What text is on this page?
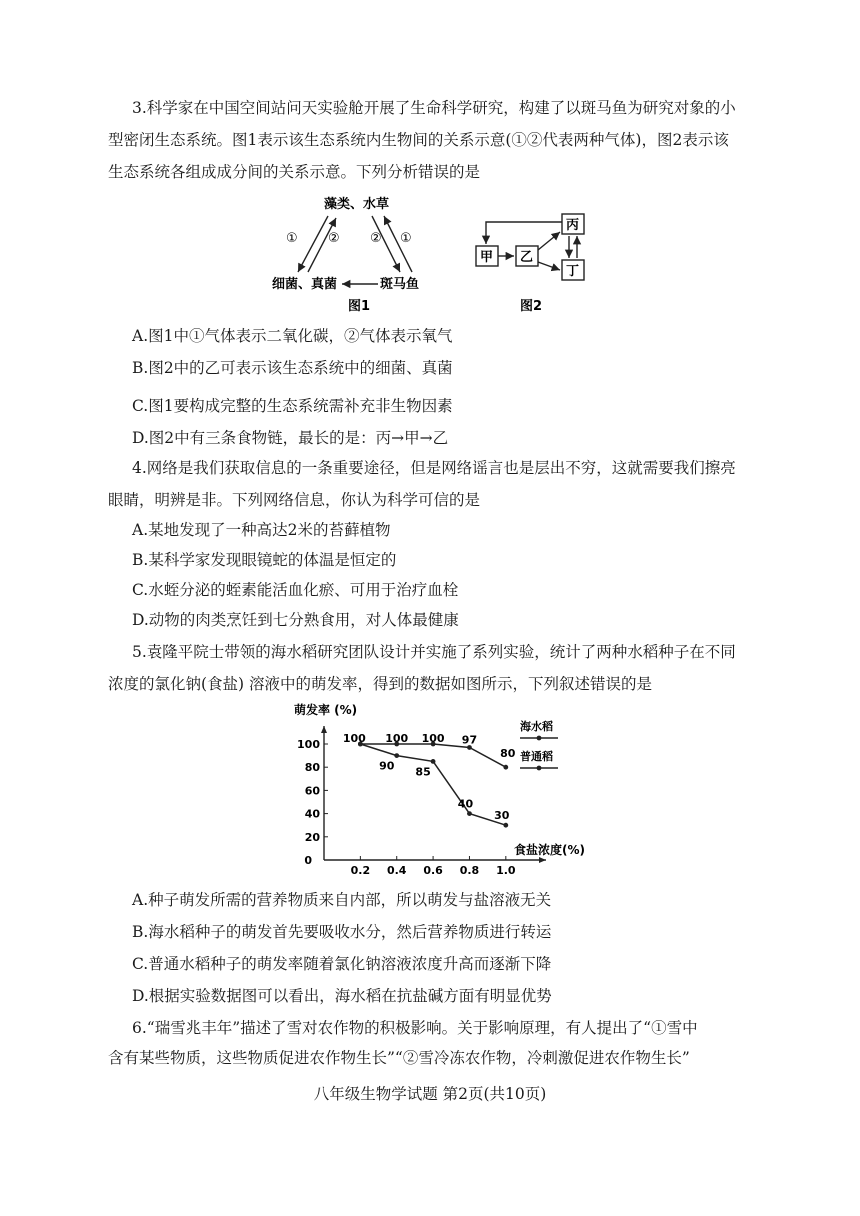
3.科学家在中国空间站问天实验舱开展了生命科学研究，构建了以斑马鱼为研究对象的小
型密闭生态系统。图1表示该生态系统内生物间的关系示意(①②代表两种气体)，图2表示该
生态系统各组成成分间的关系示意。下列分析错误的是
藻类、水草
细菌、真菌	斑马鱼
① ② ② ①
图1
甲 乙
丙
丁
图2
A.图1中①气体表示二氧化碳，②气体表示氧气
B.图2中的乙可表示该生态系统中的细菌、真菌
C.图1要构成完整的生态系统需补充非生物因素
D.图2中有三条食物链，最长的是：丙→甲→乙
4.网络是我们获取信息的一条重要途径，但是网络谣言也是层出不穷，这就需要我们擦亮
眼睛，明辨是非。下列网络信息，你认为科学可信的是
A.某地发现了一种高达2米的苔藓植物
B.某科学家发现眼镜蛇的体温是恒定的
C.水蛭分泌的蛭素能活血化瘀、可用于治疗血栓
D.动物的肉类烹饪到七分熟食用，对人体最健康
5.袁隆平院士带领的海水稻研究团队设计并实施了系列实验，统计了两种水稻种子在不同
浓度的氯化钠(食盐) 溶液中的萌发率，得到的数据如图所示，下列叙述错误的是
萌发率 (%)
食盐浓度(%)
0
20
40
60
80
100
0.2 0.4 0.6 0.8 1.0
100 100 100 97
80
90 85
40
30
海水稻
普通稻
A.种子萌发所需的营养物质来自内部，所以萌发与盐溶液无关
B.海水稻种子的萌发首先要吸收水分，然后营养物质进行转运
C.普通水稻种子的萌发率随着氯化钠溶液浓度升高而逐渐下降
D.根据实验数据图可以看出，海水稻在抗盐碱方面有明显优势
6.“瑞雪兆丰年”描述了雪对农作物的积极影响。关于影响原理，有人提出了“①雪中
含有某些物质，这些物质促进农作物生长”“②雪冷冻农作物，冷刺激促进农作物生长”
八年级生物学试题 第2页(共10页)
